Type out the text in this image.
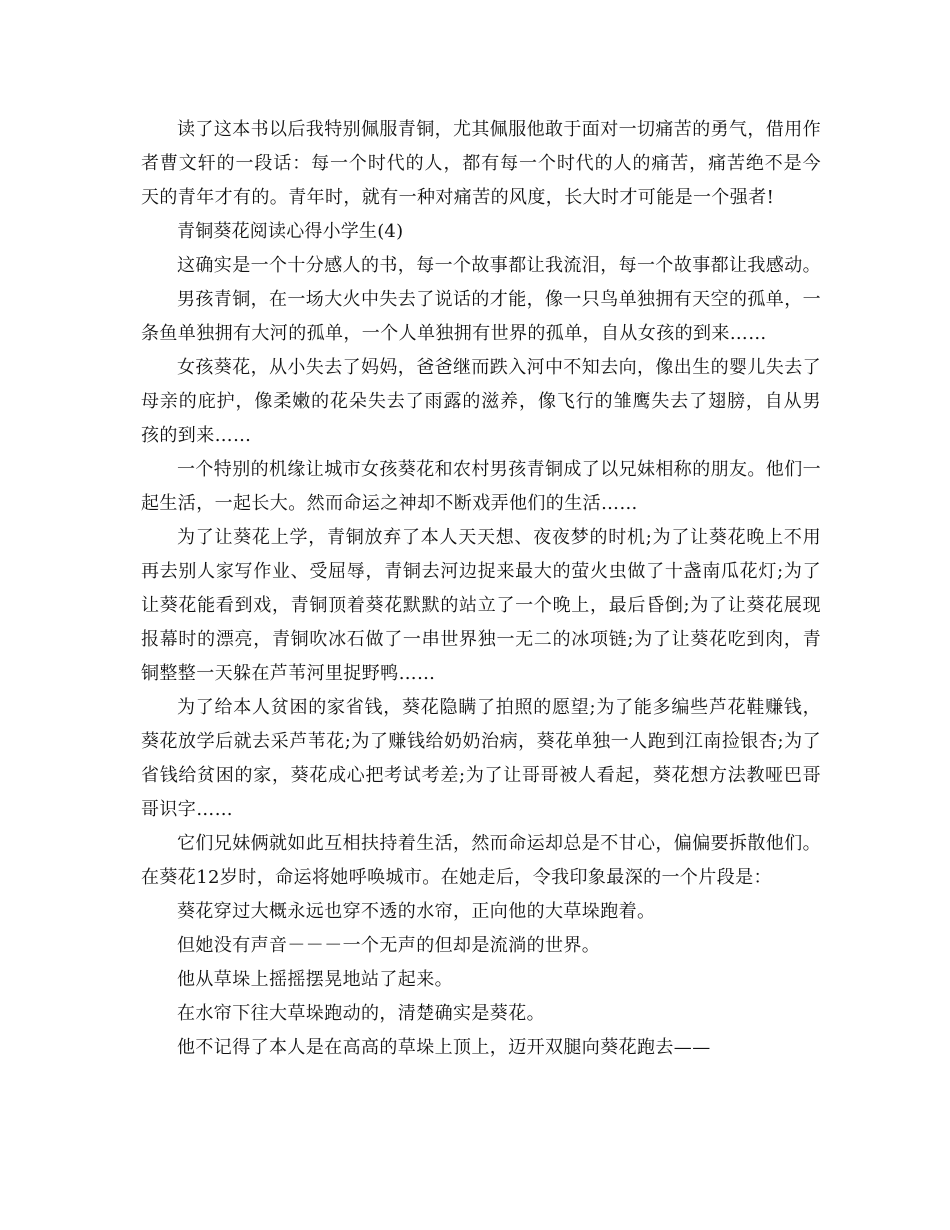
读了这本书以后我特别佩服青铜，尤其佩服他敢于面对一切痛苦的勇气，借用作者曹文轩的一段话：每一个时代的人，都有每一个时代的人的痛苦，痛苦绝不是今天的青年才有的。青年时，就有一种对痛苦的风度，长大时才可能是一个强者!

青铜葵花阅读心得小学生(4)

这确实是一个十分感人的书，每一个故事都让我流泪，每一个故事都让我感动。

男孩青铜，在一场大火中失去了说话的才能，像一只鸟单独拥有天空的孤单，一条鱼单独拥有大河的孤单，一个人单独拥有世界的孤单，自从女孩的到来……

女孩葵花，从小失去了妈妈，爸爸继而跌入河中不知去向，像出生的婴儿失去了母亲的庇护，像柔嫩的花朵失去了雨露的滋养，像飞行的雏鹰失去了翅膀，自从男孩的到来……

一个特别的机缘让城市女孩葵花和农村男孩青铜成了以兄妹相称的朋友。他们一起生活，一起长大。然而命运之神却不断戏弄他们的生活……

为了让葵花上学，青铜放弃了本人天天想、夜夜梦的时机;为了让葵花晚上不用再去别人家写作业、受屈辱，青铜去河边捉来最大的萤火虫做了十盏南瓜花灯;为了让葵花能看到戏，青铜顶着葵花默默的站立了一个晚上，最后昏倒;为了让葵花展现报幕时的漂亮，青铜吹冰石做了一串世界独一无二的冰项链;为了让葵花吃到肉，青铜整整一天躲在芦苇河里捉野鸭……

为了给本人贫困的家省钱，葵花隐瞒了拍照的愿望;为了能多编些芦花鞋赚钱，葵花放学后就去采芦苇花;为了赚钱给奶奶治病，葵花单独一人跑到江南捡银杏;为了省钱给贫困的家，葵花成心把考试考差;为了让哥哥被人看起，葵花想方法教哑巴哥哥识字……

它们兄妹俩就如此互相扶持着生活，然而命运却总是不甘心，偏偏要拆散他们。在葵花12岁时，命运将她呼唤城市。在她走后，令我印象最深的一个片段是：

葵花穿过大概永远也穿不透的水帘，正向他的大草垛跑着。

但她没有声音－－－一个无声的但却是流淌的世界。

他从草垛上摇摇摆晃地站了起来。

在水帘下往大草垛跑动的，清楚确实是葵花。

他不记得了本人是在高高的草垛上顶上，迈开双腿向葵花跑去——
